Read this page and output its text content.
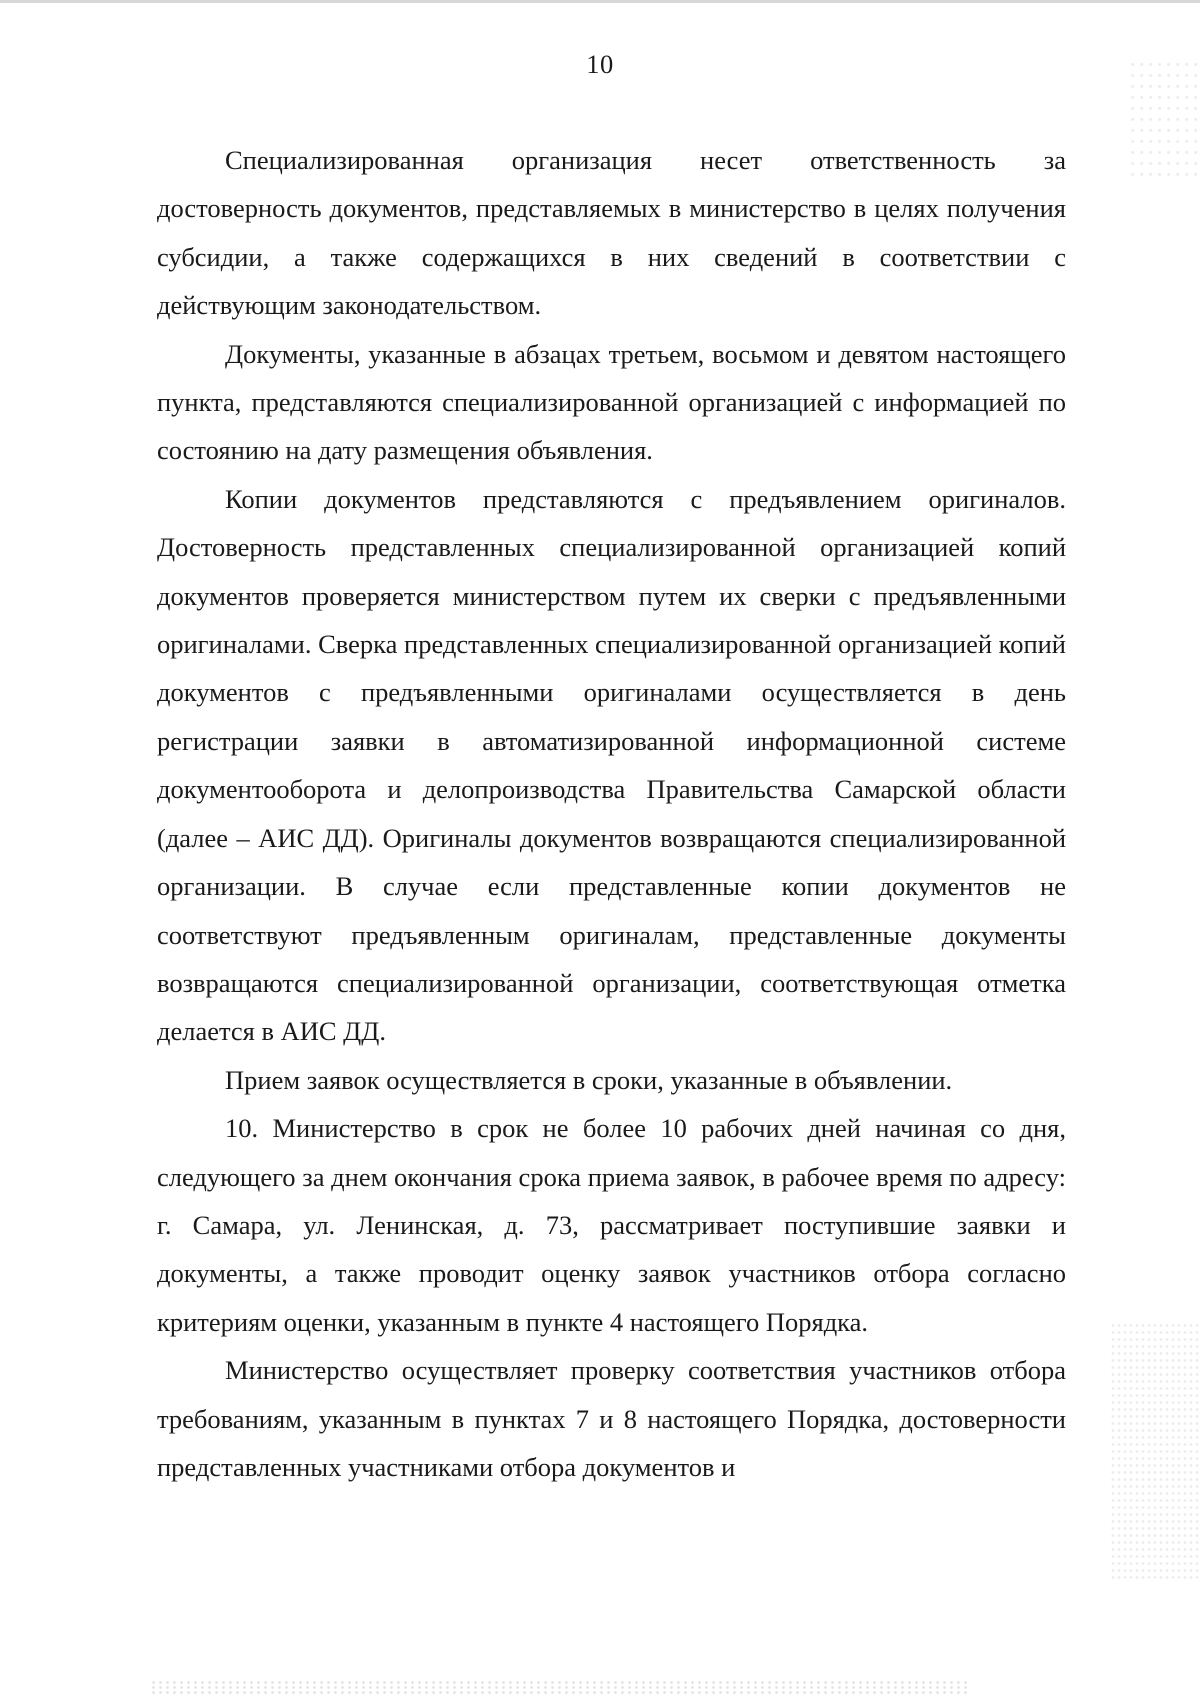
10

Специализированная организация несет ответственность за достоверность документов, представляемых в министерство в целях получения субсидии, а также содержащихся в них сведений в соответствии с действующим законодательством.

Документы, указанные в абзацах третьем, восьмом и девятом настоящего пункта, представляются специализированной организацией с информацией по состоянию на дату размещения объявления.

Копии документов представляются с предъявлением оригиналов. Достоверность представленных специализированной организацией копий документов проверяется министерством путем их сверки с предъявленными оригиналами. Сверка представленных специализированной организацией копий документов с предъявленными оригиналами осуществляется в день регистрации заявки в автоматизированной информационной системе документооборота и делопроизводства Правительства Самарской области (далее – АИС ДД). Оригиналы документов возвращаются специализированной организации. В случае если представленные копии документов не соответствуют предъявленным оригиналам, представленные документы возвращаются специализированной организации, соответствующая отметка делается в АИС ДД.

Прием заявок осуществляется в сроки, указанные в объявлении.

10. Министерство в срок не более 10 рабочих дней начиная со дня, следующего за днем окончания срока приема заявок, в рабочее время по адресу: г. Самара, ул. Ленинская, д. 73, рассматривает поступившие заявки и документы, а также проводит оценку заявок участников отбора согласно критериям оценки, указанным в пункте 4 настоящего Порядка.

Министерство осуществляет проверку соответствия участников отбора требованиям, указанным в пунктах 7 и 8 настоящего Порядка, достоверности представленных участниками отбора документов и
